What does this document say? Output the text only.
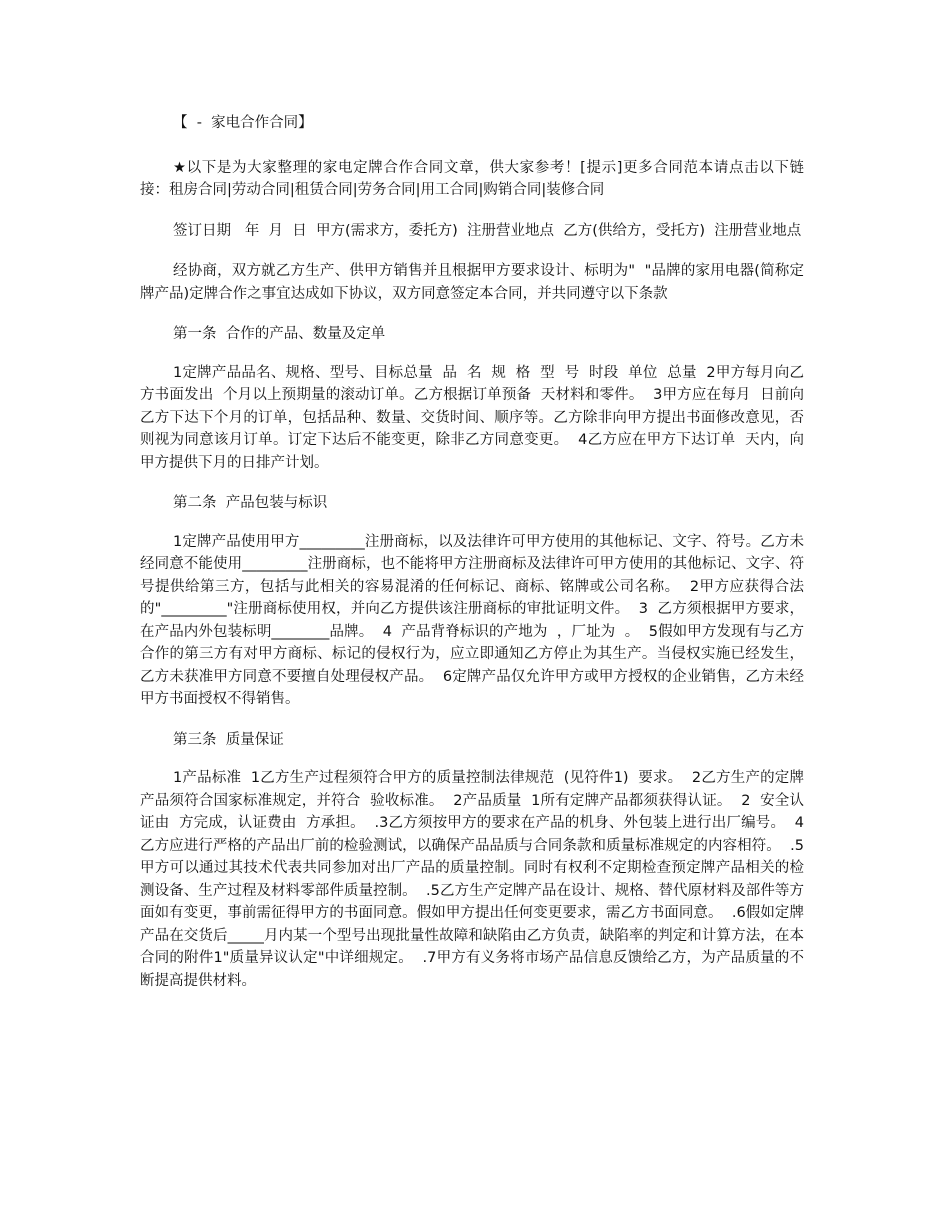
【  -  家电合作合同】

★以下是为大家整理的家电定牌合作合同文章，供大家参考！[提示]更多合同范本请点击以下链接：租房合同|劳动合同|租赁合同|劳务合同|用工合同|购销合同|装修合同

签订日期   年  月  日  甲方(需求方，委托方)  注册营业地点  乙方(供给方，受托方)  注册营业地点

经协商，双方就乙方生产、供甲方销售并且根据甲方要求设计、标明为"  "品牌的家用电器(简称定牌产品)定牌合作之事宜达成如下协议，双方同意签定本合同，并共同遵守以下条款

第一条  合作的产品、数量及定单

1定牌产品品名、规格、型号、目标总量  品  名  规  格  型  号  时段  单位  总量  2甲方每月向乙方书面发出  个月以上预期量的滚动订单。乙方根据订单预备  天材料和零件。  3甲方应在每月  日前向乙方下达下个月的订单，包括品种、数量、交货时间、顺序等。乙方除非向甲方提出书面修改意见，否则视为同意该月订单。订定下达后不能变更，除非乙方同意变更。  4乙方应在甲方下达订单  天内，向甲方提供下月的日排产计划。

第二条  产品包装与标识

1定牌产品使用甲方_________注册商标，以及法律许可甲方使用的其他标记、文字、符号。乙方未经同意不能使用_________注册商标，也不能将甲方注册商标及法律许可甲方使用的其他标记、文字、符号提供给第三方，包括与此相关的容易混淆的任何标记、商标、铭牌或公司名称。  2甲方应获得合法的"_________"注册商标使用权，并向乙方提供该注册商标的审批证明文件。  3  乙方须根据甲方要求，在产品内外包装标明________品牌。  4  产品背脊标识的产地为  ，厂址为  。  5假如甲方发现有与乙方合作的第三方有对甲方商标、标记的侵权行为，应立即通知乙方停止为其生产。当侵权实施已经发生，乙方未获准甲方同意不要擅自处理侵权产品。  6定牌产品仅允许甲方或甲方授权的企业销售，乙方未经甲方书面授权不得销售。

第三条  质量保证

1产品标准  1乙方生产过程须符合甲方的质量控制法律规范  (见符件1)  要求。  2乙方生产的定牌产品须符合国家标准规定，并符合  验收标准。  2产品质量  1所有定牌产品都须获得认证。  2  安全认证由  方完成，认证费由  方承担。  .3乙方须按甲方的要求在产品的机身、外包装上进行出厂编号。  4乙方应进行严格的产品出厂前的检验测试，以确保产品品质与合同条款和质量标准规定的内容相符。  .5甲方可以通过其技术代表共同参加对出厂产品的质量控制。同时有权利不定期检查预定牌产品相关的检测设备、生产过程及材料零部件质量控制。  .5乙方生产定牌产品在设计、规格、替代原材料及部件等方面如有变更，事前需征得甲方的书面同意。假如甲方提出任何变更要求，需乙方书面同意。  .6假如定牌产品在交货后_____月内某一个型号出现批量性故障和缺陷由乙方负责，缺陷率的判定和计算方法，在本合同的附件1"质量异议认定"中详细规定。  .7甲方有义务将市场产品信息反馈给乙方，为产品质量的不断提高提供材料。
